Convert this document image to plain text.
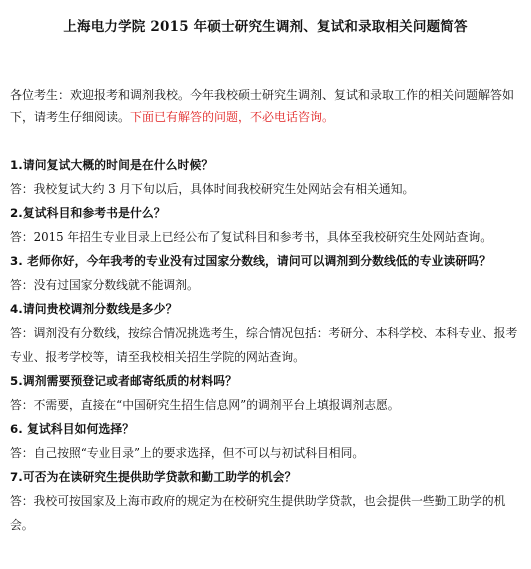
上海电力学院 2015 年硕士研究生调剂、复试和录取相关问题简答

各位考生：欢迎报考和调剂我校。今年我校硕士研究生调剂、复试和录取工作的相关问题解答如下，请考生仔细阅读。下面已有解答的问题，不必电话咨询。

1.请问复试大概的时间是在什么时候？

答：我校复试大约 3 月下旬以后，具体时间我校研究生处网站会有相关通知。

2.复试科目和参考书是什么？

答：2015 年招生专业目录上已经公布了复试科目和参考书，具体至我校研究生处网站查询。

3. 老师你好，今年我考的专业没有过国家分数线，请问可以调剂到分数线低的专业读研吗？

答：没有过国家分数线就不能调剂。

4.请问贵校调剂分数线是多少？

答：调剂没有分数线，按综合情况挑选考生，综合情况包括：考研分、本科学校、本科专业、报考专业、报考学校等，请至我校相关招生学院的网站查询。

5.调剂需要预登记或者邮寄纸质的材料吗？

答：不需要，直接在“中国研究生招生信息网”的调剂平台上填报调剂志愿。

6. 复试科目如何选择？

答：自己按照“专业目录”上的要求选择，但不可以与初试科目相同。

7.可否为在读研究生提供助学贷款和勤工助学的机会？

答：我校可按国家及上海市政府的规定为在校研究生提供助学贷款，也会提供一些勤工助学的机会。
